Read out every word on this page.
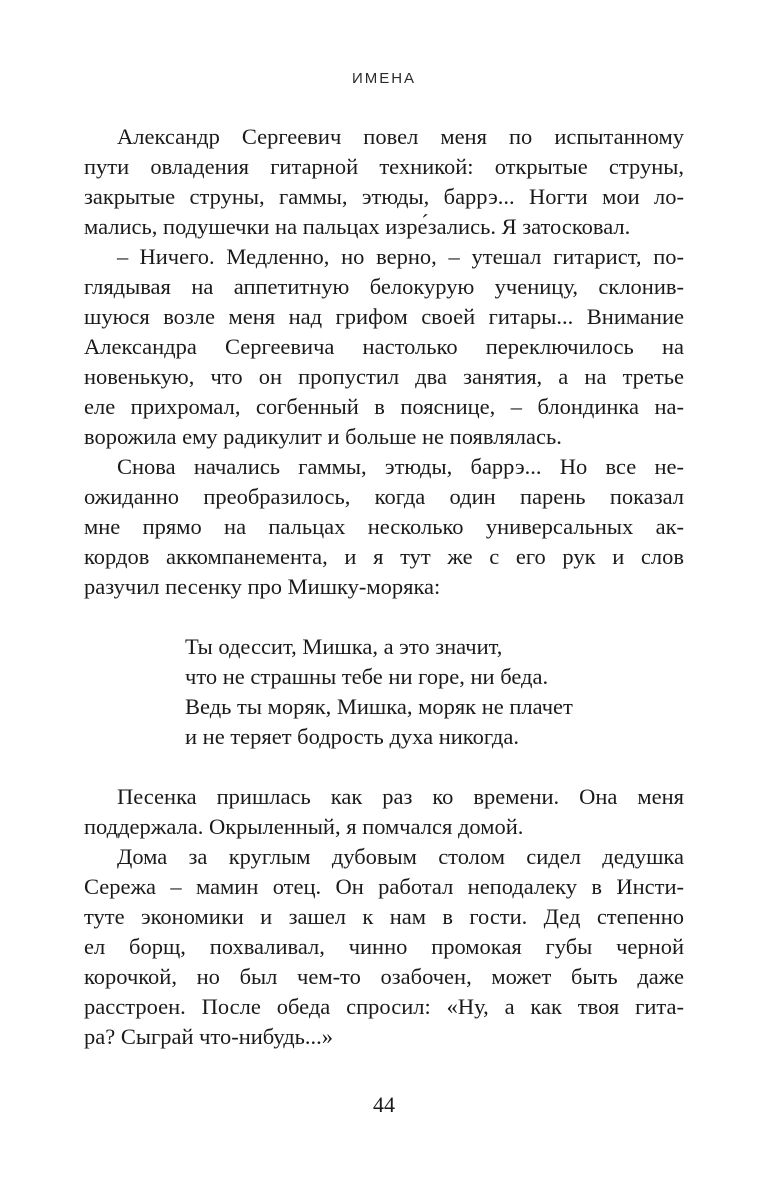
ИМЕНА
Александр Сергеевич повел меня по испытанному
пути овладения гитарной техникой: открытые струны,
закрытые струны, гаммы, этюды, баррэ... Ногти мои ло-
мались, подушечки на пальцах изре́зались. Я затосковал.
– Ничего. Медленно, но верно, – утешал гитарист, по-
глядывая на аппетитную белокурую ученицу, склонив-
шуюся возле меня над грифом своей гитары... Внимание
Александра Сергеевича настолько переключилось на
новенькую, что он пропустил два занятия, а на третье
еле прихромал, согбенный в пояснице, – блондинка на-
ворожила ему радикулит и больше не появлялась.
Снова начались гаммы, этюды, баррэ... Но все не-
ожиданно преобразилось, когда один парень показал
мне прямо на пальцах несколько универсальных ак-
кордов аккомпанемента, и я тут же с его рук и слов
разучил песенку про Мишку-моряка:
Ты одессит, Мишка, а это значит,
что не страшны тебе ни горе, ни беда.
Ведь ты моряк, Мишка, моряк не плачет
и не теряет бодрость духа никогда.
Песенка пришлась как раз ко времени. Она меня
поддержала. Окрыленный, я помчался домой.
Дома за круглым дубовым столом сидел дедушка
Сережа – мамин отец. Он работал неподалеку в Инсти-
туте экономики и зашел к нам в гости. Дед степенно
ел борщ, похваливал, чинно промокая губы черной
корочкой, но был чем-то озабочен, может быть даже
расстроен. После обеда спросил: «Ну, а как твоя гита-
ра? Сыграй что-нибудь...»
44
